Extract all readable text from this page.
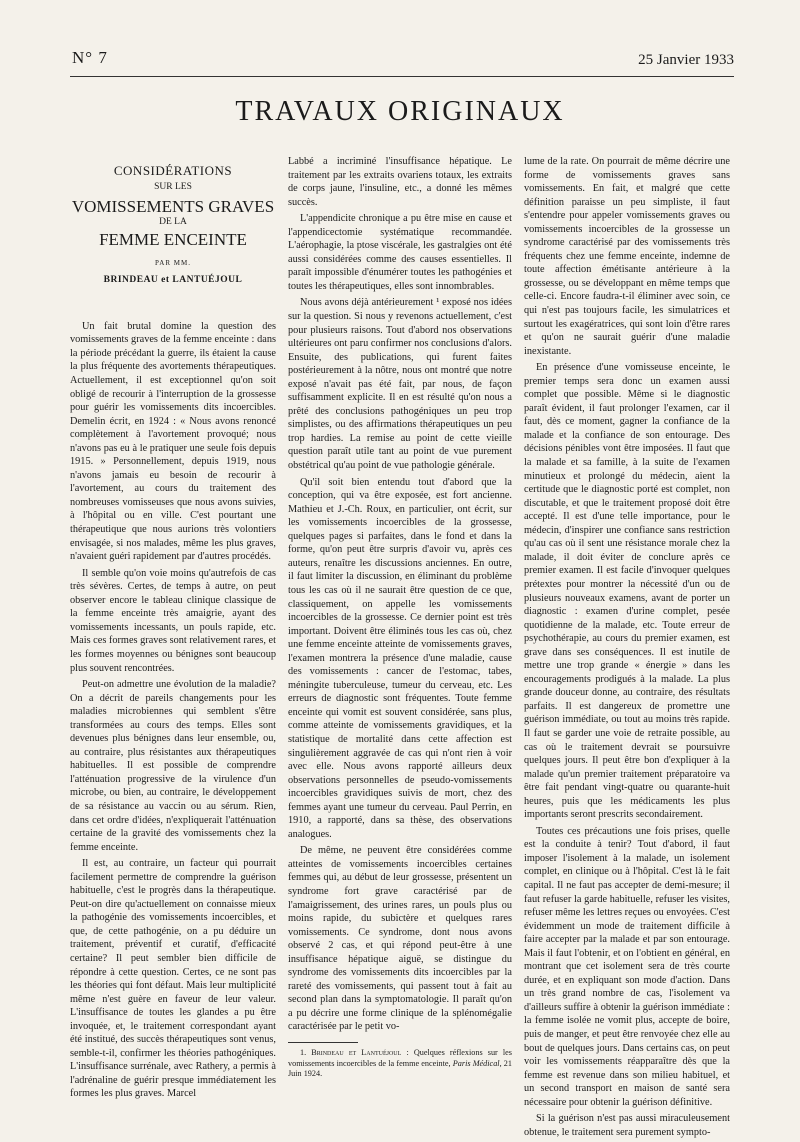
N° 7	25 Janvier 1933
TRAVAUX ORIGINAUX
CONSIDÉRATIONS
SUR LES
VOMISSEMENTS GRAVES
DE LA
FEMME ENCEINTE
PAR MM.
BRINDEAU et LANTUÉJOUL

Un fait brutal domine la question des vomissements graves de la femme enceinte : dans la période précédant la guerre, ils étaient la cause la plus fréquente des avortements thérapeutiques. Actuellement, il est exceptionnel qu'on soit obligé de recourir à l'interruption de la grossesse pour guérir les vomissements dits incoercibles. Demelin écrit, en 1924 : « Nous avons renoncé complètement à l'avortement provoqué; nous n'avons pas eu à le pratiquer une seule fois depuis 1915. » Personnellement, depuis 1919, nous n'avons jamais eu besoin de recourir à l'avortement, au cours du traitement des nombreuses vomisseuses que nous avons suivies, à l'hôpital ou en ville. C'est pourtant une thérapeutique que nous aurions très volontiers envisagée, si nos malades, même les plus graves, n'avaient guéri rapidement par d'autres procédés.

Il semble qu'on voie moins qu'autrefois de cas très sévères. Certes, de temps à autre, on peut observer encore le tableau clinique classique de la femme enceinte très amaigrie, ayant des vomissements incessants, un pouls rapide, etc. Mais ces formes graves sont relativement rares, et les formes moyennes ou bénignes sont beaucoup plus souvent rencontrées.

Peut-on admettre une évolution de la maladie? On a décrit de pareils changements pour les maladies microbiennes qui semblent s'être transformées au cours des temps. Elles sont devenues plus bénignes dans leur ensemble, ou, au contraire, plus résistantes aux thérapeutiques habituelles. Il est possible de comprendre l'atténuation progressive de la virulence d'un microbe, ou bien, au contraire, le développement de sa résistance au vaccin ou au sérum. Rien, dans cet ordre d'idées, n'expliquerait l'atténuation certaine de la gravité des vomissements chez la femme enceinte.

Il est, au contraire, un facteur qui pourrait facilement permettre de comprendre la guérison habituelle, c'est le progrès dans la thérapeutique. Peut-on dire qu'actuellement on connaisse mieux la pathogénie des vomissements incoercibles, et que, de cette pathogénie, on a pu déduire un traitement, préventif et curatif, d'efficacité certaine? Il peut sembler bien difficile de répondre à cette question. Certes, ce ne sont pas les théories qui font défaut. Mais leur multiplicité même n'est guère en faveur de leur valeur. L'insuffisance de toutes les glandes a pu être invoquée, et, le traitement correspondant ayant été institué, des succès thérapeutiques sont venus, semble-t-il, confirmer les théories pathogéniques. L'insuffisance surrénale, avec Rathery, a permis à l'adrénaline de guérir presque immédiatement les formes les plus graves. Marcel

Labbé a incriminé l'insuffisance hépatique. Le traitement par les extraits ovariens totaux, les extraits de corps jaune, l'insuline, etc., a donné les mêmes succès.

L'appendicite chronique a pu être mise en cause et l'appendicectomie systématique recommandée. L'aérophagie, la ptose viscérale, les gastralgies ont été aussi considérées comme des causes essentielles. Il paraît impossible d'énumérer toutes les pathogénies et toutes les thérapeutiques, elles sont innombrables.

Nous avons déjà antérieurement ¹ exposé nos idées sur la question. Si nous y revenons actuellement, c'est pour plusieurs raisons. Tout d'abord nos observations ultérieures ont paru confirmer nos conclusions d'alors. Ensuite, des publications, qui furent faites postérieurement à la nôtre, nous ont montré que notre exposé n'avait pas été fait, par nous, de façon suffisamment explicite. Il en est résulté qu'on nous a prêté des conclusions pathogéniques un peu trop simplistes, ou des affirmations thérapeutiques un peu trop hardies. La remise au point de cette vieille question paraît utile tant au point de vue purement obstétrical qu'au point de vue pathologie générale.

Qu'il soit bien entendu tout d'abord que la conception, qui va être exposée, est fort ancienne. Mathieu et J.-Ch. Roux, en particulier, ont écrit, sur les vomissements incoercibles de la grossesse, quelques pages si parfaites, dans le fond et dans la forme, qu'on peut être surpris d'avoir vu, après ces auteurs, renaître les discussions anciennes. En outre, il faut limiter la discussion, en éliminant du problème tous les cas où il ne saurait être question de ce que, classiquement, on appelle les vomissements incoercibles de la grossesse. Ce dernier point est très important. Doivent être éliminés tous les cas où, chez une femme enceinte atteinte de vomissements graves, l'examen montrera la présence d'une maladie, cause des vomissements : cancer de l'estomac, tabes, méningite tuberculeuse, tumeur du cerveau, etc. Les erreurs de diagnostic sont fréquentes. Toute femme enceinte qui vomit est souvent considérée, sans plus, comme atteinte de vomissements gravidiques, et la statistique de mortalité dans cette affection est singulièrement aggravée de cas qui n'ont rien à voir avec elle. Nous avons rapporté ailleurs deux observations personnelles de pseudo-vomissements incoercibles gravidiques suivis de mort, chez des femmes ayant une tumeur du cerveau. Paul Perrin, en 1910, a rapporté, dans sa thèse, des observations analogues.

De même, ne peuvent être considérées comme atteintes de vomissements incoercibles certaines femmes qui, au début de leur grossesse, présentent un syndrome fort grave caractérisé par de l'amaigrissement, des urines rares, un pouls plus ou moins rapide, du subictère et quelques rares vomissements. Ce syndrome, dont nous avons observé 2 cas, et qui répond peut-être à une insuffisance hépatique aiguë, se distingue du syndrome des vomissements dits incoercibles par la rareté des vomissements, qui passent tout à fait au second plan dans la symptomatologie. Il paraît qu'on a pu décrire une forme clinique de la splénomégalie caractérisée par le petit vo-

1. Brindeau et Lantuéjoul : Quelques réflexions sur les vomissements incoercibles de la femme enceinte, Paris Médical, 21 Juin 1924.

lume de la rate. On pourrait de même décrire une forme de vomissements graves sans vomissements. En fait, et malgré que cette définition paraisse un peu simpliste, il faut s'entendre pour appeler vomissements graves ou vomissements incoercibles de la grossesse un syndrome caractérisé par des vomissements très fréquents chez une femme enceinte, indemne de toute affection émétisante antérieure à la grossesse, ou se développant en même temps que celle-ci. Encore faudra-t-il éliminer avec soin, ce qui n'est pas toujours facile, les simulatrices et surtout les exagératrices, qui sont loin d'être rares et qu'on ne saurait guérir d'une maladie inexistante.

En présence d'une vomisseuse enceinte, le premier temps sera donc un examen aussi complet que possible. Même si le diagnostic paraît évident, il faut prolonger l'examen, car il faut, dès ce moment, gagner la confiance de la malade et la confiance de son entourage. Des décisions pénibles vont être imposées. Il faut que la malade et sa famille, à la suite de l'examen minutieux et prolongé du médecin, aient la certitude que le diagnostic porté est complet, non discutable, et que le traitement proposé doit être accepté. Il est d'une telle importance, pour le médecin, d'inspirer une confiance sans restriction qu'au cas où il sent une résistance morale chez la malade, il doit éviter de conclure après ce premier examen. Il est facile d'invoquer quelques prétextes pour montrer la nécessité d'un ou de plusieurs nouveaux examens, avant de porter un diagnostic : examen d'urine complet, pesée quotidienne de la malade, etc. Toute erreur de psychothérapie, au cours du premier examen, est grave dans ses conséquences. Il est inutile de mettre une trop grande « énergie » dans les encouragements prodigués à la malade. La plus grande douceur donne, au contraire, des résultats parfaits. Il est dangereux de promettre une guérison immédiate, ou tout au moins très rapide. Il faut se garder une voie de retraite possible, au cas où le traitement devrait se poursuivre quelques jours. Il peut être bon d'expliquer à la malade qu'un premier traitement préparatoire va être fait pendant vingt-quatre ou quarante-huit heures, puis que les médicaments les plus importants seront prescrits secondairement.

Toutes ces précautions une fois prises, quelle est la conduite à tenir? Tout d'abord, il faut imposer l'isolement à la malade, un isolement complet, en clinique ou à l'hôpital. C'est là le fait capital. Il ne faut pas accepter de demi-mesure; il faut refuser la garde habituelle, refuser les visites, refuser même les lettres reçues ou envoyées. C'est évidemment un mode de traitement difficile à faire accepter par la malade et par son entourage. Mais il faut l'obtenir, et on l'obtient en général, en montrant que cet isolement sera de très courte durée, et en expliquant son mode d'action. Dans un très grand nombre de cas, l'isolement va d'ailleurs suffire à obtenir la guérison immédiate : la femme isolée ne vomit plus, accepte de boire, puis de manger, et peut être renvoyée chez elle au bout de quelques jours. Dans certains cas, on peut voir les vomissements réapparaître dès que la femme est revenue dans son milieu habituel, et un second transport en maison de santé sera nécessaire pour obtenir la guérison définitive.

Si la guérison n'est pas aussi miraculeusement obtenue, le traitement sera purement sympto-
